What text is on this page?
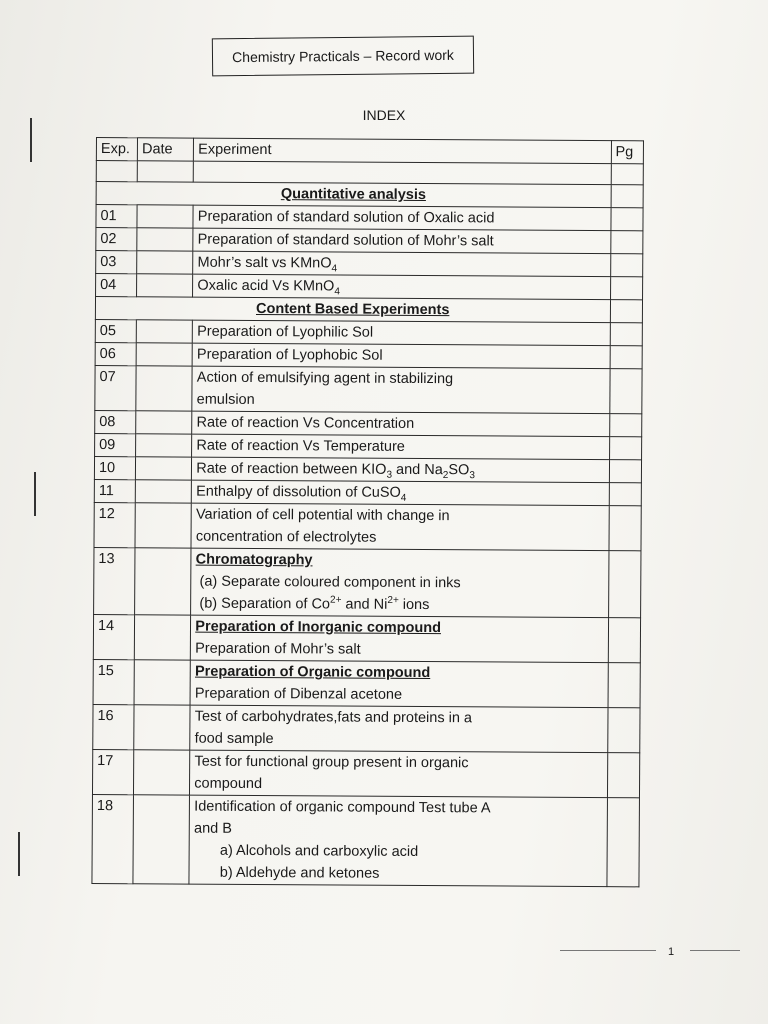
Chemistry Practicals – Record work
INDEX
Exp.	Date	Experiment	Pg

Quantitative analysis			
01		Preparation of standard solution of Oxalic acid	
02		Preparation of standard solution of Mohr’s salt	
03		Mohr’s salt vs KMnO$_4$	
04		Oxalic acid Vs KMnO$_4$	
Content Based Experiments			
05		Preparation of Lyophilic Sol	
06		Preparation of Lyophobic Sol	
07		Action of emulsifying agent in stabilizing
emulsion	

08		Rate of reaction Vs Concentration	
09		Rate of reaction Vs Temperature	
10		Rate of reaction between $KIO_3$ and $Na_2SO_3$	
11		Enthalpy of dissolution of CuSO$_4$	
12		Variation of cell potential with change in
concentration of electrolytes	

13		Chromatography
(a) Separate coloured component in inks
(b) Separation of $Co^{2+}$ and $Ni^{2+}$ ions	

14		Preparation of Inorganic compound
Preparation of Mohr’s salt	

15		Preparation of Organic compound
Preparation of Dibenzal acetone	

16		Test of carbohydrates,fats and proteins in a
food sample	

17		Test for functional group present in organic
compound	

18		Identification of organic compound Test tube A
and B
a) Alcohols and carboxylic acid
b) Aldehyde and ketones	

1
